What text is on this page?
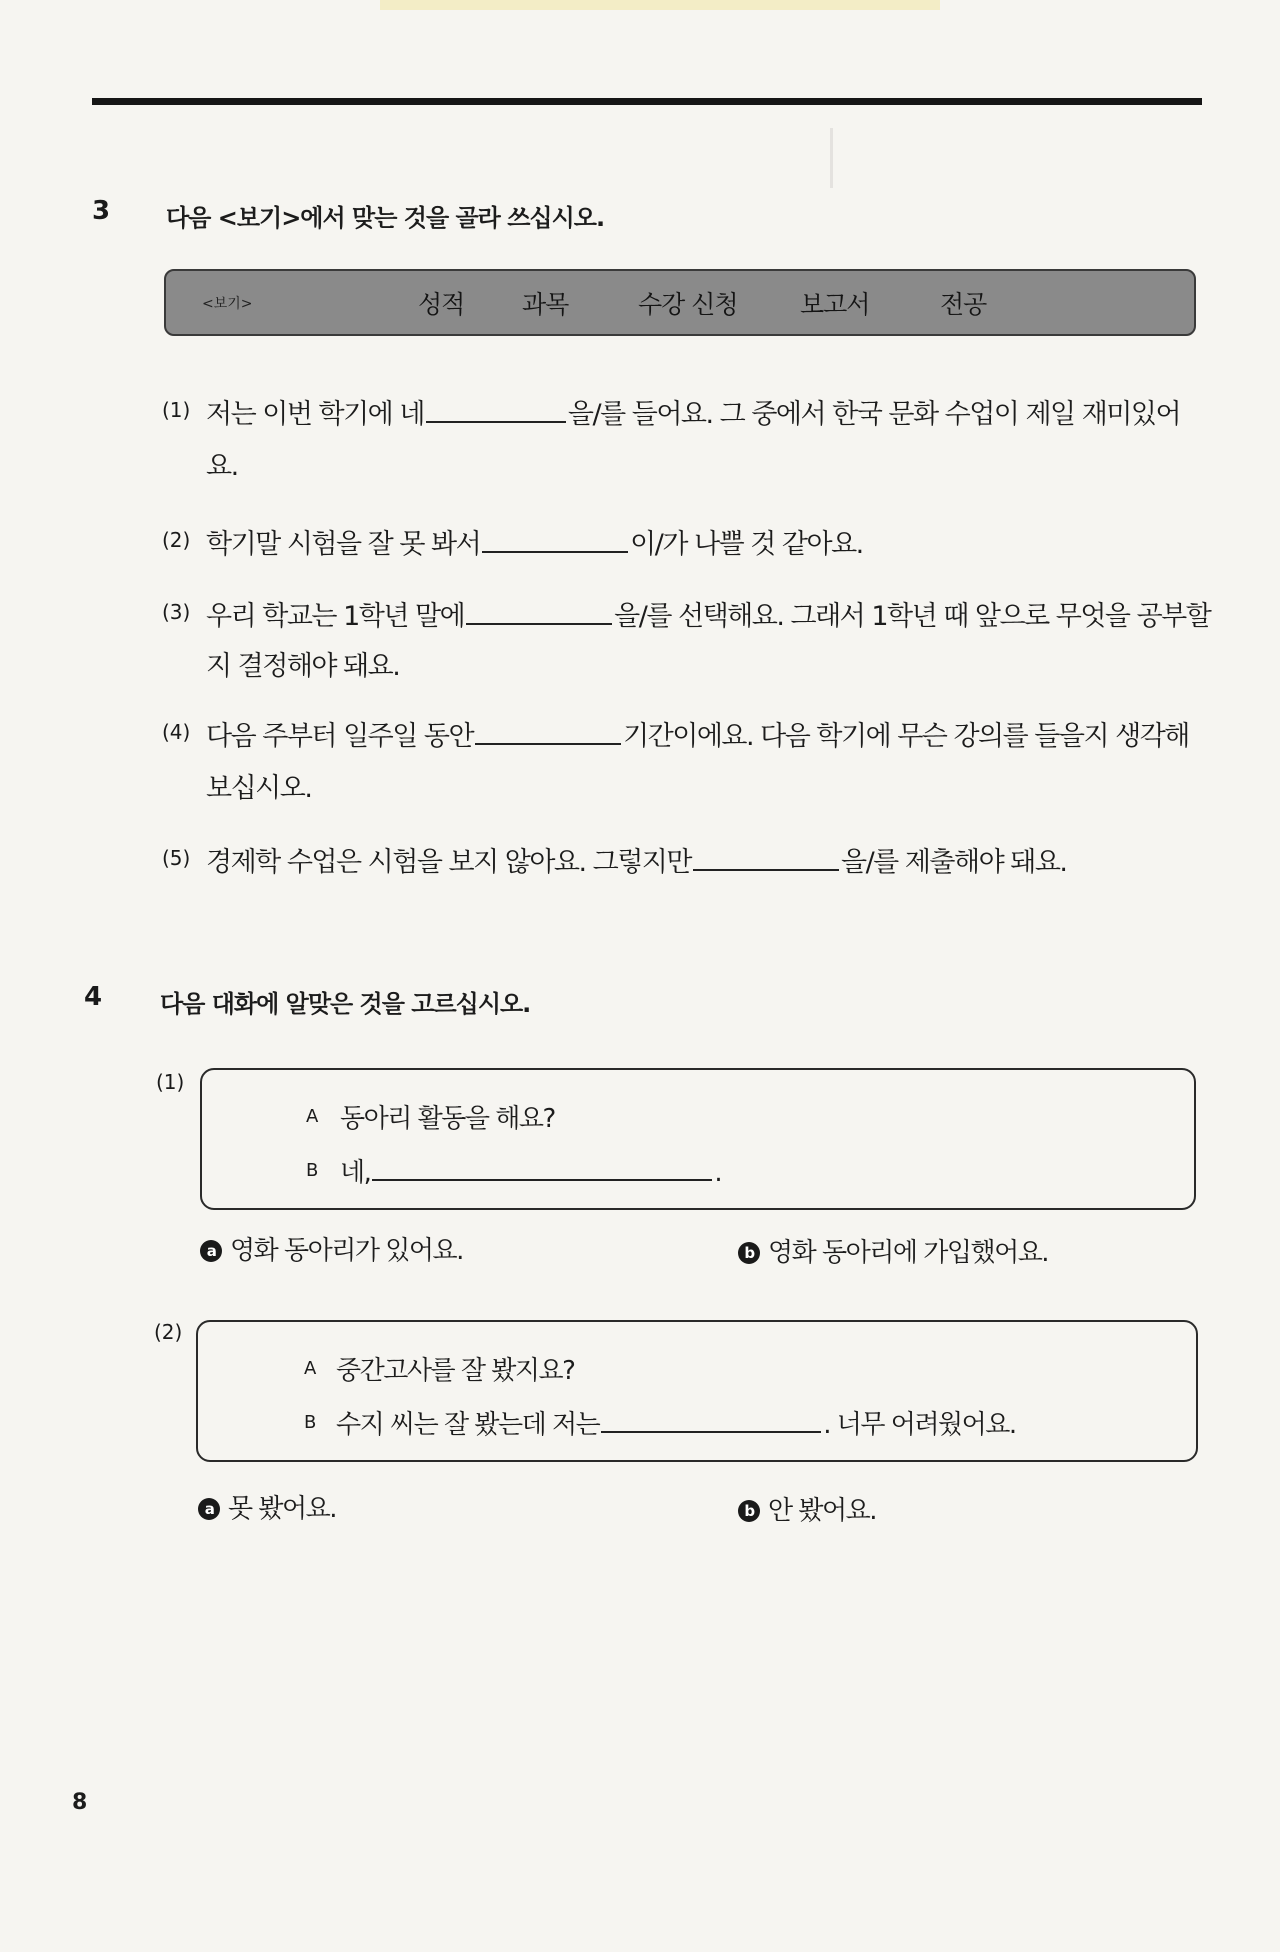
3 다음 <보기>에서 맞는 것을 골라 쓰십시오.
<보기>	성적 과목	수강 신청 보고서	전공
(1) 저는 이번 학기에 네	을/를 들어요. 그 중에서 한국 문화 수업이 제일 재미있어
요.
(2) 학기말 시험을 잘 못 봐서	이/가 나쁠 것 같아요.
(3) 우리 학교는 1학년 말에	을/를 선택해요. 그래서 1학년 때 앞으로 무엇을 공부할
지 결정해야 돼요.
(4) 다음 주부터 일주일 동안	기간이에요. 다음 학기에 무슨 강의를 들을지 생각해
보십시오.
(5) 경제학 수업은 시험을 보지 않아요. 그렇지만	을/를 제출해야 돼요.
4 다음 대화에 알맞은 것을 고르십시오.
(1)
A 동아리 활동을 해요?
B 네,	.
a 영화 동아리가 있어요.	b 영화 동아리에 가입했어요.
(2)
A 중간고사를 잘 봤지요?
B 수지 씨는 잘 봤는데 저는	. 너무 어려웠어요.
a 못 봤어요.	b 안 봤어요.
8
